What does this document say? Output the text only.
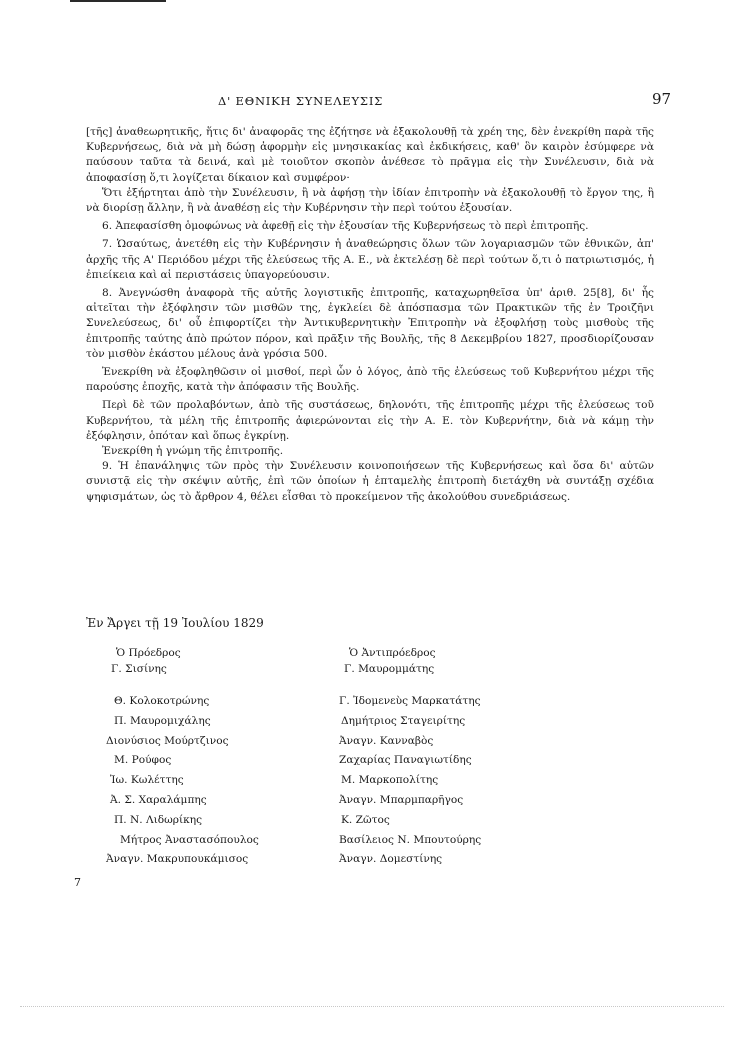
Δ' ΕΘΝΙΚΗ ΣΥΝΕΛΕΥΣΙΣ	97

[τῆς] ἀναθεωρητικῆς, ἥτις δι' ἀναφορᾶς της ἐζήτησε νὰ ἐξακολουθῇ τὰ χρέη της, δὲν ἐνεκρίθη παρὰ τῆς Κυβερνήσεως, διὰ νὰ μὴ δώσῃ ἀφορμὴν εἰς μνησικακίας καὶ ἐκδικήσεις, καθ' ὃν καιρὸν ἐσύμφερε νὰ παύσουν ταῦτα τὰ δεινά, καὶ μὲ τοιοῦτον σκοπὸν ἀνέθεσε τὸ πρᾶγμα εἰς τὴν Συνέλευσιν, διὰ νὰ ἀποφασίσῃ ὅ,τι λογίζεται δίκαιον καὶ συμφέρον·

Ὅτι ἐξήρτηται ἀπὸ τὴν Συνέλευσιν, ἢ νὰ ἀφήσῃ τὴν ἰδίαν ἐπιτροπὴν νὰ ἐξακολουθῇ τὸ ἔργον της, ἢ νὰ διορίσῃ ἄλλην, ἢ νὰ ἀναθέσῃ εἰς τὴν Κυβέρνησιν τὴν περὶ τούτου ἐξουσίαν.

6. Ἀπεφασίσθη ὁμοφώνως νὰ ἀφεθῇ εἰς τὴν ἐξουσίαν τῆς Κυβερνήσεως τὸ περὶ ἐπιτροπῆς.

7. Ὡσαύτως, ἀνετέθη εἰς τὴν Κυβέρνησιν ἡ ἀναθεώρησις ὅλων τῶν λογαριασμῶν τῶν ἐθνικῶν, ἀπ' ἀρχῆς τῆς Α' Περιόδου μέχρι τῆς ἐλεύσεως τῆς Α. Ε., νὰ ἐκτελέσῃ δὲ περὶ τούτων ὅ,τι ὁ πατριωτισμός, ἡ ἐπιείκεια καὶ αἱ περιστάσεις ὑπαγορεύουσιν.

8. Ἀνεγνώσθη ἀναφορὰ τῆς αὐτῆς λογιστικῆς ἐπιτροπῆς, καταχωρηθεῖσα ὑπ' ἀριθ. 25[8], δι' ἧς αἰτεῖται τὴν ἐξόφλησιν τῶν μισθῶν της, ἐγκλείει δὲ ἀπόσπασμα τῶν Πρακτικῶν τῆς ἐν Τροιζῆνι Συνελεύσεως, δι' οὗ ἐπιφορτίζει τὴν Ἀντικυβερνητικὴν Ἐπιτροπὴν νὰ ἐξοφλήσῃ τοὺς μισθοὺς τῆς ἐπιτροπῆς ταύτης ἀπὸ πρώτον πόρον, καὶ πρᾶξιν τῆς Βουλῆς, τῆς 8 Δεκεμβρίου 1827, προσδιορίζουσαν τὸν μισθὸν ἑκάστου μέλους ἀνὰ γρόσια 500.

Ἐνεκρίθη νὰ ἐξοφληθῶσιν οἱ μισθοί, περὶ ὧν ὁ λόγος, ἀπὸ τῆς ἐλεύσεως τοῦ Κυβερνήτου μέχρι τῆς παρούσης ἐποχῆς, κατὰ τὴν ἀπόφασιν τῆς Βουλῆς.

Περὶ δὲ τῶν προλαβόντων, ἀπὸ τῆς συστάσεως, δηλονότι, τῆς ἐπιτροπῆς μέχρι τῆς ἐλεύσεως τοῦ Κυβερνήτου, τὰ μέλη τῆς ἐπιτροπῆς ἀφιερώνονται εἰς τὴν Α. Ε. τὸν Κυβερνήτην, διὰ νὰ κάμῃ τὴν ἐξόφλησιν, ὁπόταν καὶ ὅπως ἐγκρίνῃ.

Ἐνεκρίθη ἡ γνώμη τῆς ἐπιτροπῆς.

9. Ἡ ἐπανάληψις τῶν πρὸς τὴν Συνέλευσιν κοινοποιήσεων τῆς Κυβερνήσεως καὶ ὅσα δι' αὐτῶν συνιστᾷ εἰς τὴν σκέψιν αὐτῆς, ἐπὶ τῶν ὁποίων ἡ ἐπταμελὴς ἐπιτροπὴ διετάχθη νὰ συντάξῃ σχέδια ψηφισμάτων, ὡς τὸ ἄρθρον 4, θέλει εἶσθαι τὸ προκείμενον τῆς ἀκολούθου συνεδριάσεως.

Ἐν Ἄργει τῇ 19 Ἰουλίου 1829
Ὁ Πρόεδρος
Γ. Σισίνης
Θ. Κολοκοτρώνης
Π. Μαυρομιχάλης
Διονύσιος Μούρτζινος
Μ. Ρούφος
Ἰω. Κωλέττης
Ἀ. Σ. Χαραλάμπης
Π. Ν. Λιδωρίκης
Μήτρος Ἀναστασόπουλος
Ἀναγν. Μακρυπουκάμισος
Ὁ Ἀντιπρόεδρος
Γ. Μαυρομμάτης
Γ. Ἰδομενεὺς Μαρκατάτης
Δημήτριος Σταγειρίτης
Ἀναγν. Κανναβὸς
Ζαχαρίας Παναγιωτίδης
Μ. Μαρκοπολίτης
Ἀναγν. Μπαρμπαρῆγος
Κ. Ζῶτος
Βασίλειος Ν. Μπουτούρης
Ἀναγν. Δομεστίνης
7
